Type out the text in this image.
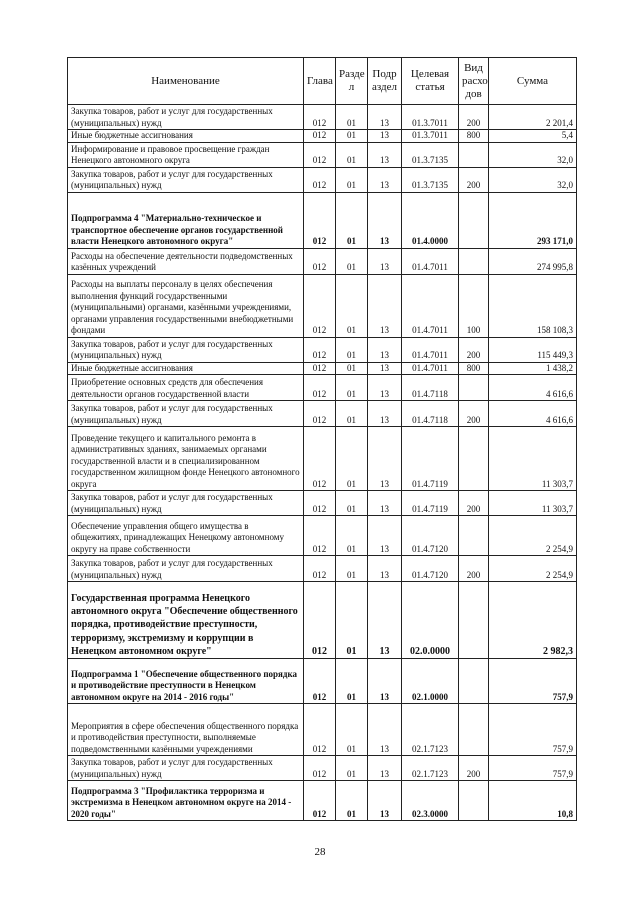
Наименование	Глава	Разде л	Подр аздел	Целевая статья	Вид расхо дов	Сумма
Закупка товаров, работ и услуг для государственных (муниципальных) нужд	012	01	13	01.3.7011	200	2 201,4
Иные бюджетные ассигнования	012	01	13	01.3.7011	800	5,4
Информирование и правовое просвещение граждан Ненецкого автономного округа	012	01	13	01.3.7135		32,0
Закупка товаров, работ и услуг для государственных (муниципальных) нужд	012	01	13	01.3.7135	200	32,0
Подпрограмма 4 "Материально-техническое и транспортное обеспечение органов государственной власти Ненецкого автономного округа"	012	01	13	01.4.0000		293 171,0
Расходы на обеспечение деятельности подведомственных казённых учреждений	012	01	13	01.4.7011		274 995,8
Расходы на выплаты персоналу в целях обеспечения выполнения функций государственными (муниципальными) органами, казёнными учреждениями, органами управления государственными внебюджетными фондами	012	01	13	01.4.7011	100	158 108,3
Закупка товаров, работ и услуг для государственных (муниципальных) нужд	012	01	13	01.4.7011	200	115 449,3
Иные бюджетные ассигнования	012	01	13	01.4.7011	800	1 438,2
Приобретение основных средств для обеспечения деятельности органов государственной власти	012	01	13	01.4.7118		4 616,6
Закупка товаров, работ и услуг для государственных (муниципальных) нужд	012	01	13	01.4.7118	200	4 616,6
Проведение текущего и капитального ремонта в административных зданиях, занимаемых органами государственной власти и в специализированном государственном жилищном фонде Ненецкого автономного округа	012	01	13	01.4.7119		11 303,7
Закупка товаров, работ и услуг для государственных (муниципальных) нужд	012	01	13	01.4.7119	200	11 303,7
Обеспечение управления общего имущества в общежитиях, принадлежащих Ненецкому автономному округу на праве собственности	012	01	13	01.4.7120		2 254,9
Закупка товаров, работ и услуг для государственных (муниципальных) нужд	012	01	13	01.4.7120	200	2 254,9
Государственная программа Ненецкого автономного округа "Обеспечение общественного порядка, противодействие преступности, терроризму, экстремизму и коррупции в Ненецком автономном округе"	012	01	13	02.0.0000		2 982,3
Подпрограмма 1 "Обеспечение общественного порядка и противодействие преступности в Ненецком автономном округе на 2014 - 2016 годы"	012	01	13	02.1.0000		757,9
Мероприятия в сфере обеспечения общественного порядка и противодействия преступности, выполняемые подведомственными казёнными учреждениями	012	01	13	02.1.7123		757,9
Закупка товаров, работ и услуг для государственных (муниципальных) нужд	012	01	13	02.1.7123	200	757,9
Подпрограмма 3 "Профилактика терроризма и экстремизма в Ненецком автономном округе на 2014 - 2020 годы"	012	01	13	02.3.0000		10,8
28
